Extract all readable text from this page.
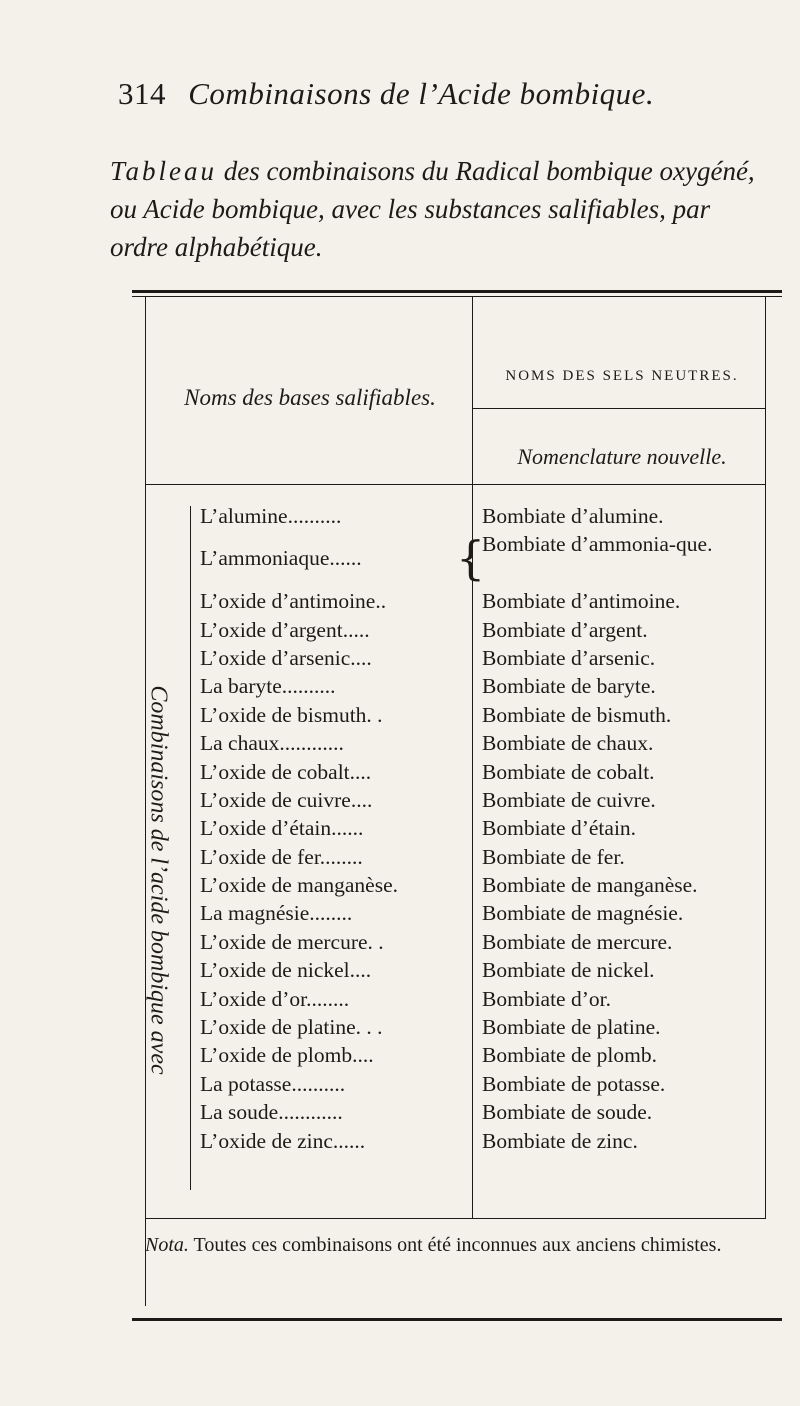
314 Combinaisons de l’Acide bombique.
Tableau des combinaisons du Radical bombique oxygéné, ou Acide bombique, avec les substances salifiables, par ordre alphabétique.
Noms des bases salifiables.
NOMS DES SELS NEUTRES.
Nomenclature nouvelle.
Combinaisons de l’acide bombique avec
L’alumine..........
L’ammoniaque......
L’oxide d’antimoine..
L’oxide d’argent.....
L’oxide d’arsenic....
La baryte..........
L’oxide de bismuth. .
La chaux............
L’oxide de cobalt....
L’oxide de cuivre....
L’oxide d’étain......
L’oxide de fer........
L’oxide de manganèse.
La magnésie........
L’oxide de mercure. .
L’oxide de nickel....
L’oxide d’or........
L’oxide de platine. . .
L’oxide de plomb....
La potasse..........
La soude............
L’oxide de zinc......
{
Bombiate d’alumine.
Bombiate d’ammonia-que.
Bombiate d’antimoine.
Bombiate d’argent.
Bombiate d’arsenic.
Bombiate de baryte.
Bombiate de bismuth.
Bombiate de chaux.
Bombiate de cobalt.
Bombiate de cuivre.
Bombiate d’étain.
Bombiate de fer.
Bombiate de manganèse.
Bombiate de magnésie.
Bombiate de mercure.
Bombiate de nickel.
Bombiate d’or.
Bombiate de platine.
Bombiate de plomb.
Bombiate de potasse.
Bombiate de soude.
Bombiate de zinc.
Nota. Toutes ces combinaisons ont été inconnues aux anciens chimistes.
